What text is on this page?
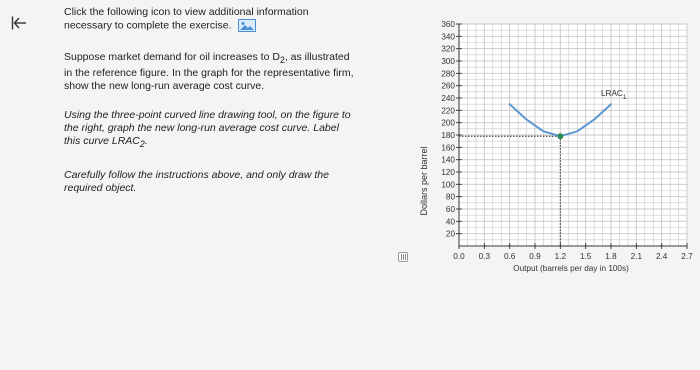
Click the following icon to view additional information
necessary to complete the exercise.

Suppose market demand for oil increases to $D_2$, as illustrated
in the reference figure. In the graph for the representative firm,
show the new long-run average cost curve.

Using the three-point curved line drawing tool, on the figure to
the right, graph the new long-run average cost curve. Label
this curve $LRAC_2$.

Carefully follow the instructions above, and only draw the
required object.	Dollars per barrel
20
40
60
80
100
120
140
160
180
200
220
240
260
280
300
320
340
360
0.0 0.3 0.6 0.9 1.2 1.5 1.8 2.1 2.4 2.7
$LRAC_1$
Output (barrels per day in 100s)
